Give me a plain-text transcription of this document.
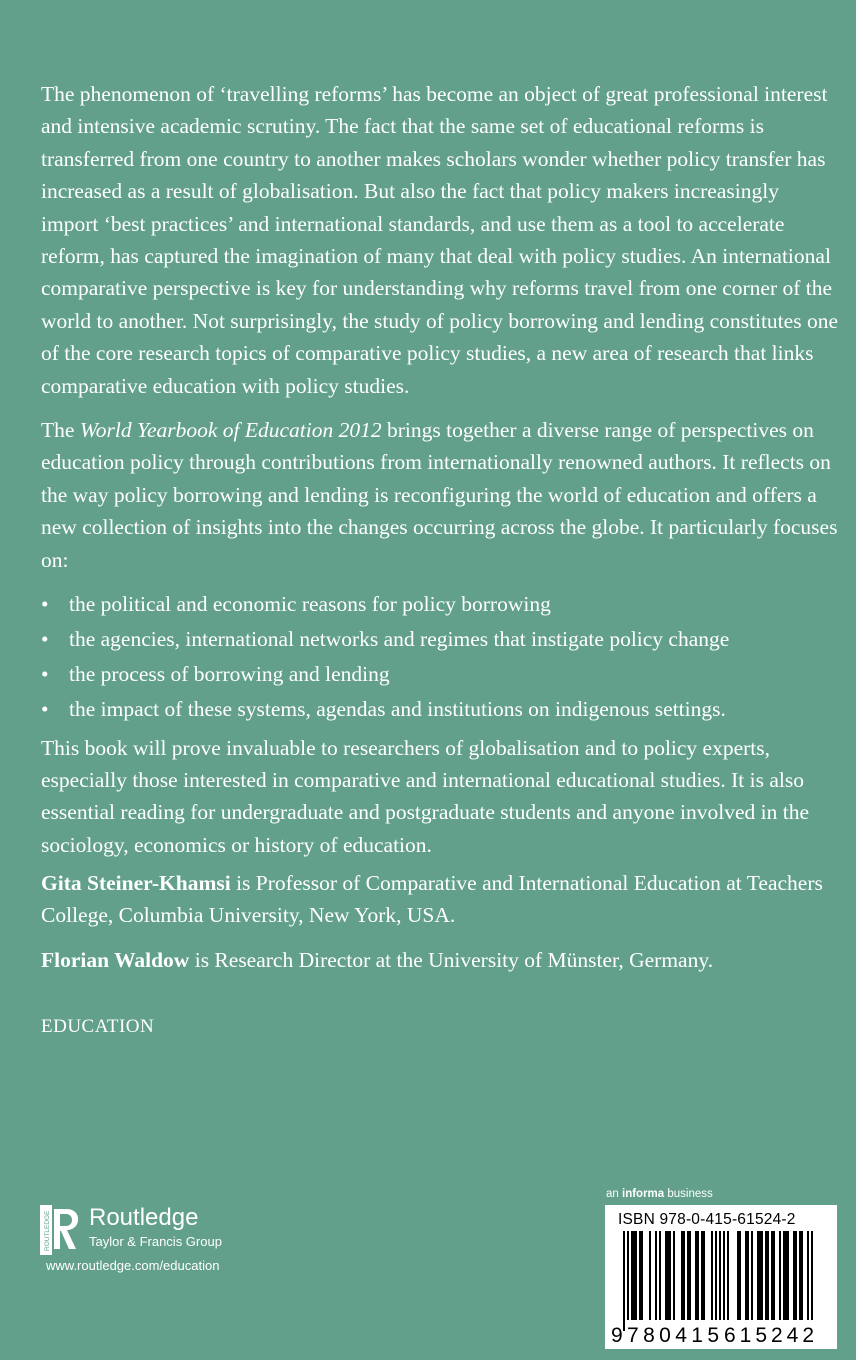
The phenomenon of ‘travelling reforms’ has become an object of great professional interest and intensive academic scrutiny. The fact that the same set of educational reforms is transferred from one country to another makes scholars wonder whether policy transfer has increased as a result of globalisation. But also the fact that policy makers increasingly import ‘best practices’ and international standards, and use them as a tool to accelerate reform, has captured the imagination of many that deal with policy studies. An international comparative perspective is key for understanding why reforms travel from one corner of the world to another. Not surprisingly, the study of policy borrowing and lending constitutes one of the core research topics of comparative policy studies, a new area of research that links comparative education with policy studies.

The World Yearbook of Education 2012 brings together a diverse range of perspectives on education policy through contributions from internationally renowned authors. It reflects on the way policy borrowing and lending is reconfiguring the world of education and offers a new collection of insights into the changes occurring across the globe. It particularly focuses on:

• the political and economic reasons for policy borrowing
• the agencies, international networks and regimes that instigate policy change
• the process of borrowing and lending
• the impact of these systems, agendas and institutions on indigenous settings.

This book will prove invaluable to researchers of globalisation and to policy experts, especially those interested in comparative and international educational studies. It is also essential reading for undergraduate and postgraduate students and anyone involved in the sociology, economics or history of education.

Gita Steiner-Khamsi is Professor of Comparative and International Education at Teachers College, Columbia University, New York, USA.

Florian Waldow is Research Director at the University of Münster, Germany.

EDUCATION
ROUTLEDGE Routledge
Taylor & Francis Group
www.routledge.com/education
an informa business
ISBN 978-0-415-61524-2
9 780415 615242
